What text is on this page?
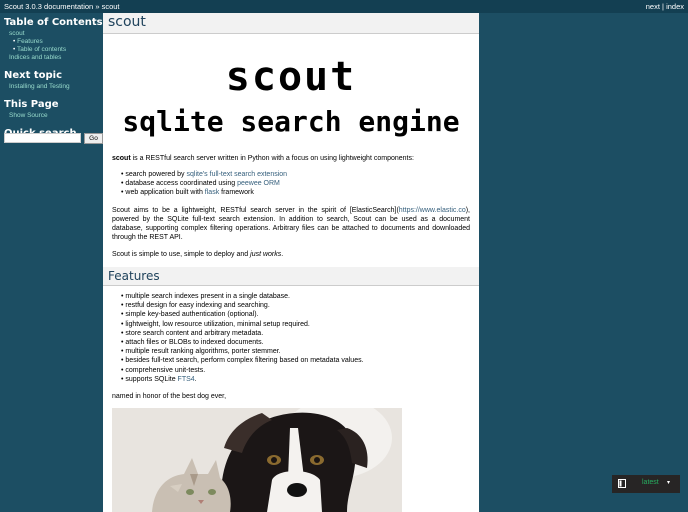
Scout 3.0.3 documentation » scout	next | index
Table of Contents
scout
• Features
• Table of contents
Indices and tables
Next topic
Installing and Testing
This Page
Show Source
Go
scout
scout
sqlite search engine
scout is a RESTful search server written in Python with a focus on using lightweight components:
• search powered by sqlite's full-text search extension
• database access coordinated using peewee ORM
• web application built with flask framework
Scout aims to be a lightweight, RESTful search server in the spirit of [ElasticSearch](https://www.elastic.co), powered by the SQLite full-text search extension. In addition to search, Scout can be used as a document database, supporting complex filtering operations. Arbitrary files can be attached to documents and downloaded through the REST API.
Scout is simple to use, simple to deploy and just works.
Features
• multiple search indexes present in a single database.
• restful design for easy indexing and searching.
• simple key-based authentication (optional).
• lightweight, low resource utilization, minimal setup required.
• store search content and arbitrary metadata.
• attach files or BLOBs to indexed documents.
• multiple result ranking algorithms, porter stemmer.
• besides full-text search, perform complex filtering based on metadata values.
• comprehensive unit-tests.
• supports SQLite FTS4.
named in honor of the best dog ever,
latest ▾
